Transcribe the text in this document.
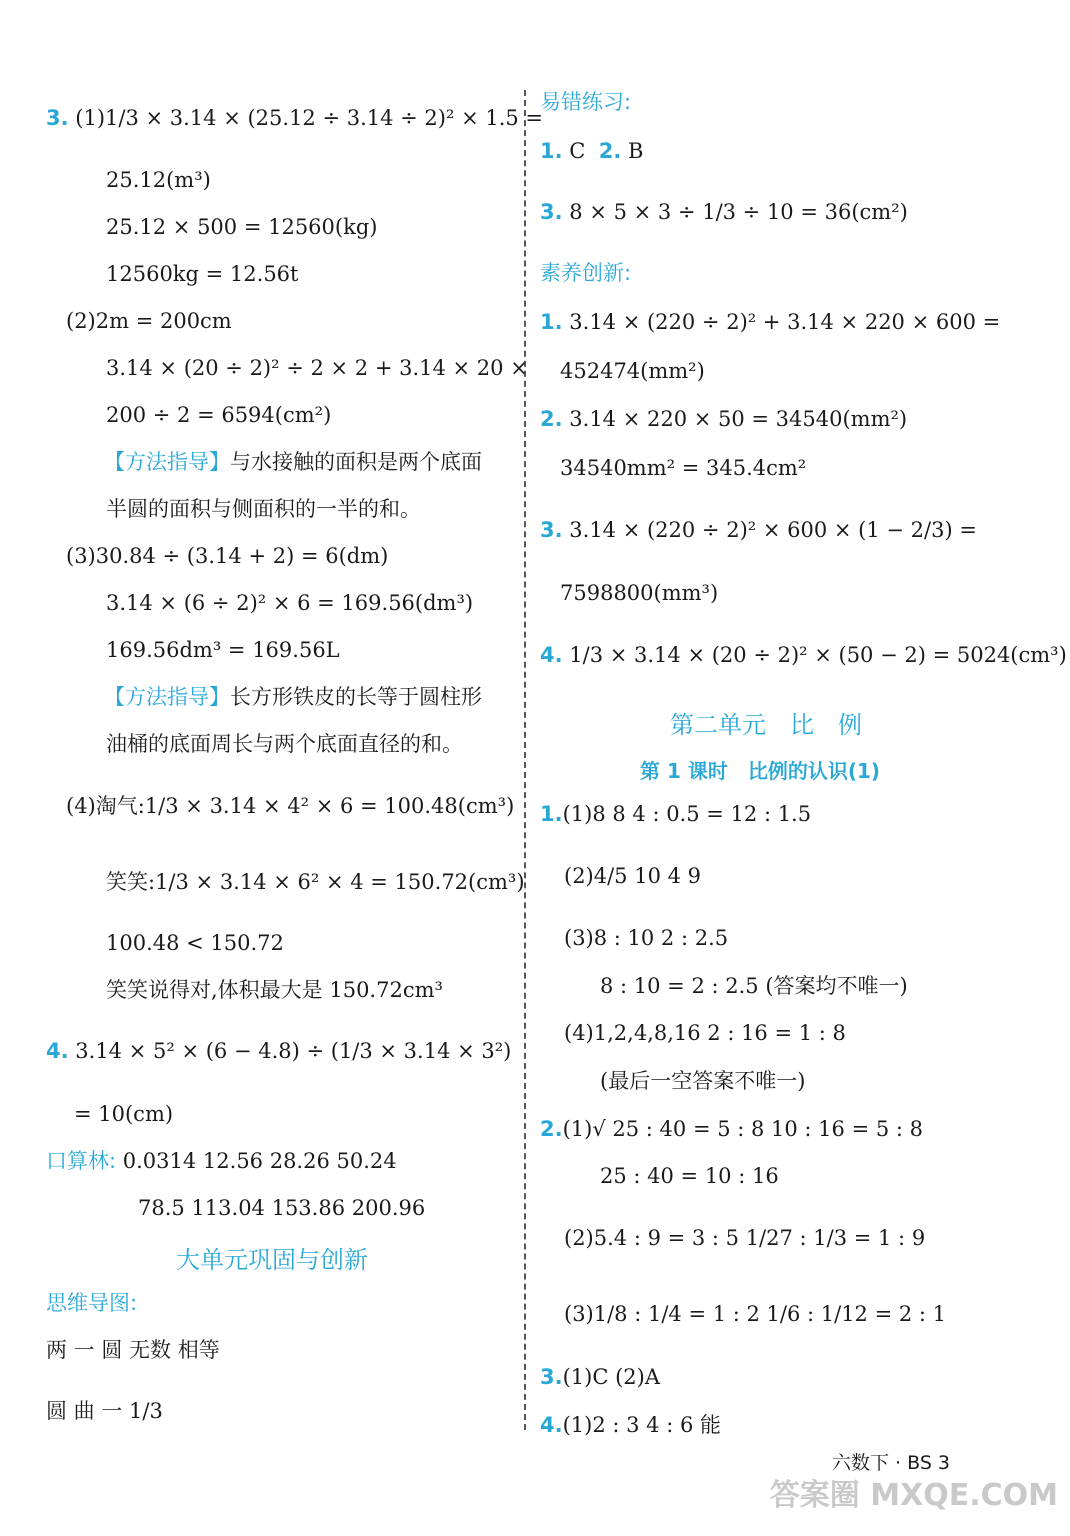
3. (1)1/3 × 3.14 × (25.12 ÷ 3.14 ÷ 2)² × 1.5 =
25.12(m³)
25.12 × 500 = 12560(kg)
12560kg = 12.56t
(2)2m = 200cm
3.14 × (20 ÷ 2)² ÷ 2 × 2 + 3.14 × 20 ×
200 ÷ 2 = 6594(cm²)
【方法指导】与水接触的面积是两个底面
半圆的面积与侧面积的一半的和。
(3)30.84 ÷ (3.14 + 2) = 6(dm)
3.14 × (6 ÷ 2)² × 6 = 169.56(dm³)
169.56dm³ = 169.56L
【方法指导】长方形铁皮的长等于圆柱形
油桶的底面周长与两个底面直径的和。
(4)淘气:1/3 × 3.14 × 4² × 6 = 100.48(cm³)
笑笑:1/3 × 3.14 × 6² × 4 = 150.72(cm³)
100.48 < 150.72
笑笑说得对,体积最大是 150.72cm³
4. 3.14 × 5² × (6 − 4.8) ÷ (1/3 × 3.14 × 3²)
= 10(cm)
口算林: 0.0314 12.56 28.26 50.24
78.5 113.04 153.86 200.96
大单元巩固与创新
思维导图:
两 一 圆 无数 相等
圆 曲 一 1/3
易错练习:
1. C 2. B
3. 8 × 5 × 3 ÷ 1/3 ÷ 10 = 36(cm²)
素养创新:
1. 3.14 × (220 ÷ 2)² + 3.14 × 220 × 600 =
452474(mm²)
2. 3.14 × 220 × 50 = 34540(mm²)
34540mm² = 345.4cm²
3. 3.14 × (220 ÷ 2)² × 600 × (1 − 2/3) =
7598800(mm³)
4. 1/3 × 3.14 × (20 ÷ 2)² × (50 − 2) = 5024(cm³)
第二单元　比　例
第 1 课时　比例的认识(1)
1.(1)8 8 4 : 0.5 = 12 : 1.5
(2)4/5 10 4 9
(3)8 : 10 2 : 2.5
8 : 10 = 2 : 2.5 (答案均不唯一)
(4)1,2,4,8,16 2 : 16 = 1 : 8
(最后一空答案不唯一)
2.(1)√ 25 : 40 = 5 : 8 10 : 16 = 5 : 8
25 : 40 = 10 : 16
(2)5.4 : 9 = 3 : 5 1/27 : 1/3 = 1 : 9
(3)1/8 : 1/4 = 1 : 2 1/6 : 1/12 = 2 : 1
3.(1)C (2)A
4.(1)2 : 3 4 : 6 能
六数下 · BS 3
答案圈 MXQE.COM
